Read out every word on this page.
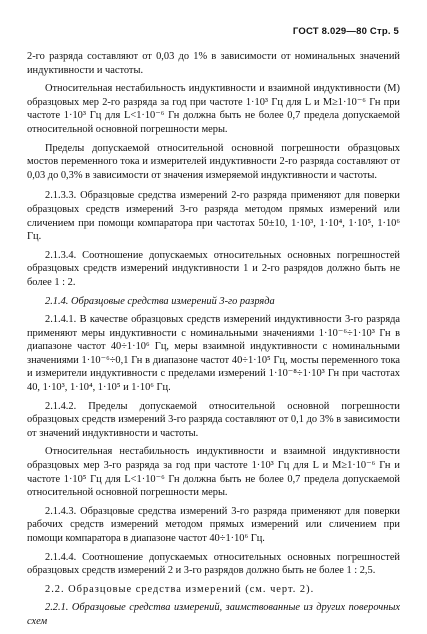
ГОСТ 8.029—80 Стр. 5

2-го разряда составляют от 0,03 до 1% в зависимости от номинальных значений индуктивности и частоты.

Относительная нестабильность индуктивности и взаимной индуктивности (M) образцовых мер 2-го разряда за год при частоте 1·10³ Гц для L и M≥1·10⁻⁶ Гн при частоте 1·10³ Гц для L<1·10⁻⁶ Гн должна быть не более 0,7 предела допускаемой относительной основной погрешности меры.

Пределы допускаемой относительной основной погрешности образцовых мостов переменного тока и измерителей индуктивности 2-го разряда составляют от 0,03 до 0,3% в зависимости от значения измеряемой индуктивности и частоты.

2.1.3.3. Образцовые средства измерений 2-го разряда применяют для поверки образцовых средств измерений 3-го разряда методом прямых измерений или сличением при помощи компаратора при частотах 50±10, 1·10³, 1·10⁴, 1·10⁵, 1·10⁶ Гц.

2.1.3.4. Соотношение допускаемых относительных основных погрешностей образцовых средств измерений индуктивности 1 и 2-го разрядов должно быть не более 1 : 2.

2.1.4. Образцовые средства измерений 3-го разряда

2.1.4.1. В качестве образцовых средств измерений индуктивности 3-го разряда применяют меры индуктивности с номинальными значениями 1·10⁻⁶÷1·10³ Гн в диапазоне частот 40÷1·10⁶ Гц, меры взаимной индуктивности с номинальными значениями 1·10⁻⁶÷0,1 Гн в диапазоне частот 40÷1·10⁵ Гц, мосты переменного тока и измерители индуктивности с пределами измерений 1·10⁻⁸÷1·10³ Гн при частотах 40, 1·10³, 1·10⁴, 1·10⁵ и 1·10⁶ Гц.

2.1.4.2. Пределы допускаемой относительной основной погрешности образцовых средств измерений 3-го разряда составляют от 0,1 до 3% в зависимости от значений индуктивности и частоты.

Относительная нестабильность индуктивности и взаимной индуктивности образцовых мер 3-го разряда за год при частоте 1·10³ Гц для L и M≥1·10⁻⁶ Гн и частоте 1·10⁵ Гц для L<1·10⁻⁶ Гн должна быть не более 0,7 предела допускаемой относительной основной погрешности меры.

2.1.4.3. Образцовые средства измерений 3-го разряда применяют для поверки рабочих средств измерений методом прямых измерений или сличением при помощи компаратора в диапазоне частот 40÷1·10⁶ Гц.

2.1.4.4. Соотношение допускаемых относительных основных погрешностей образцовых средств измерений 2 и 3-го разрядов должно быть не более 1 : 2,5.

2.2. Образцовые средства измерений (см. черт. 2).

2.2.1. Образцовые средства измерений, заимствованные из других поверочных схем
